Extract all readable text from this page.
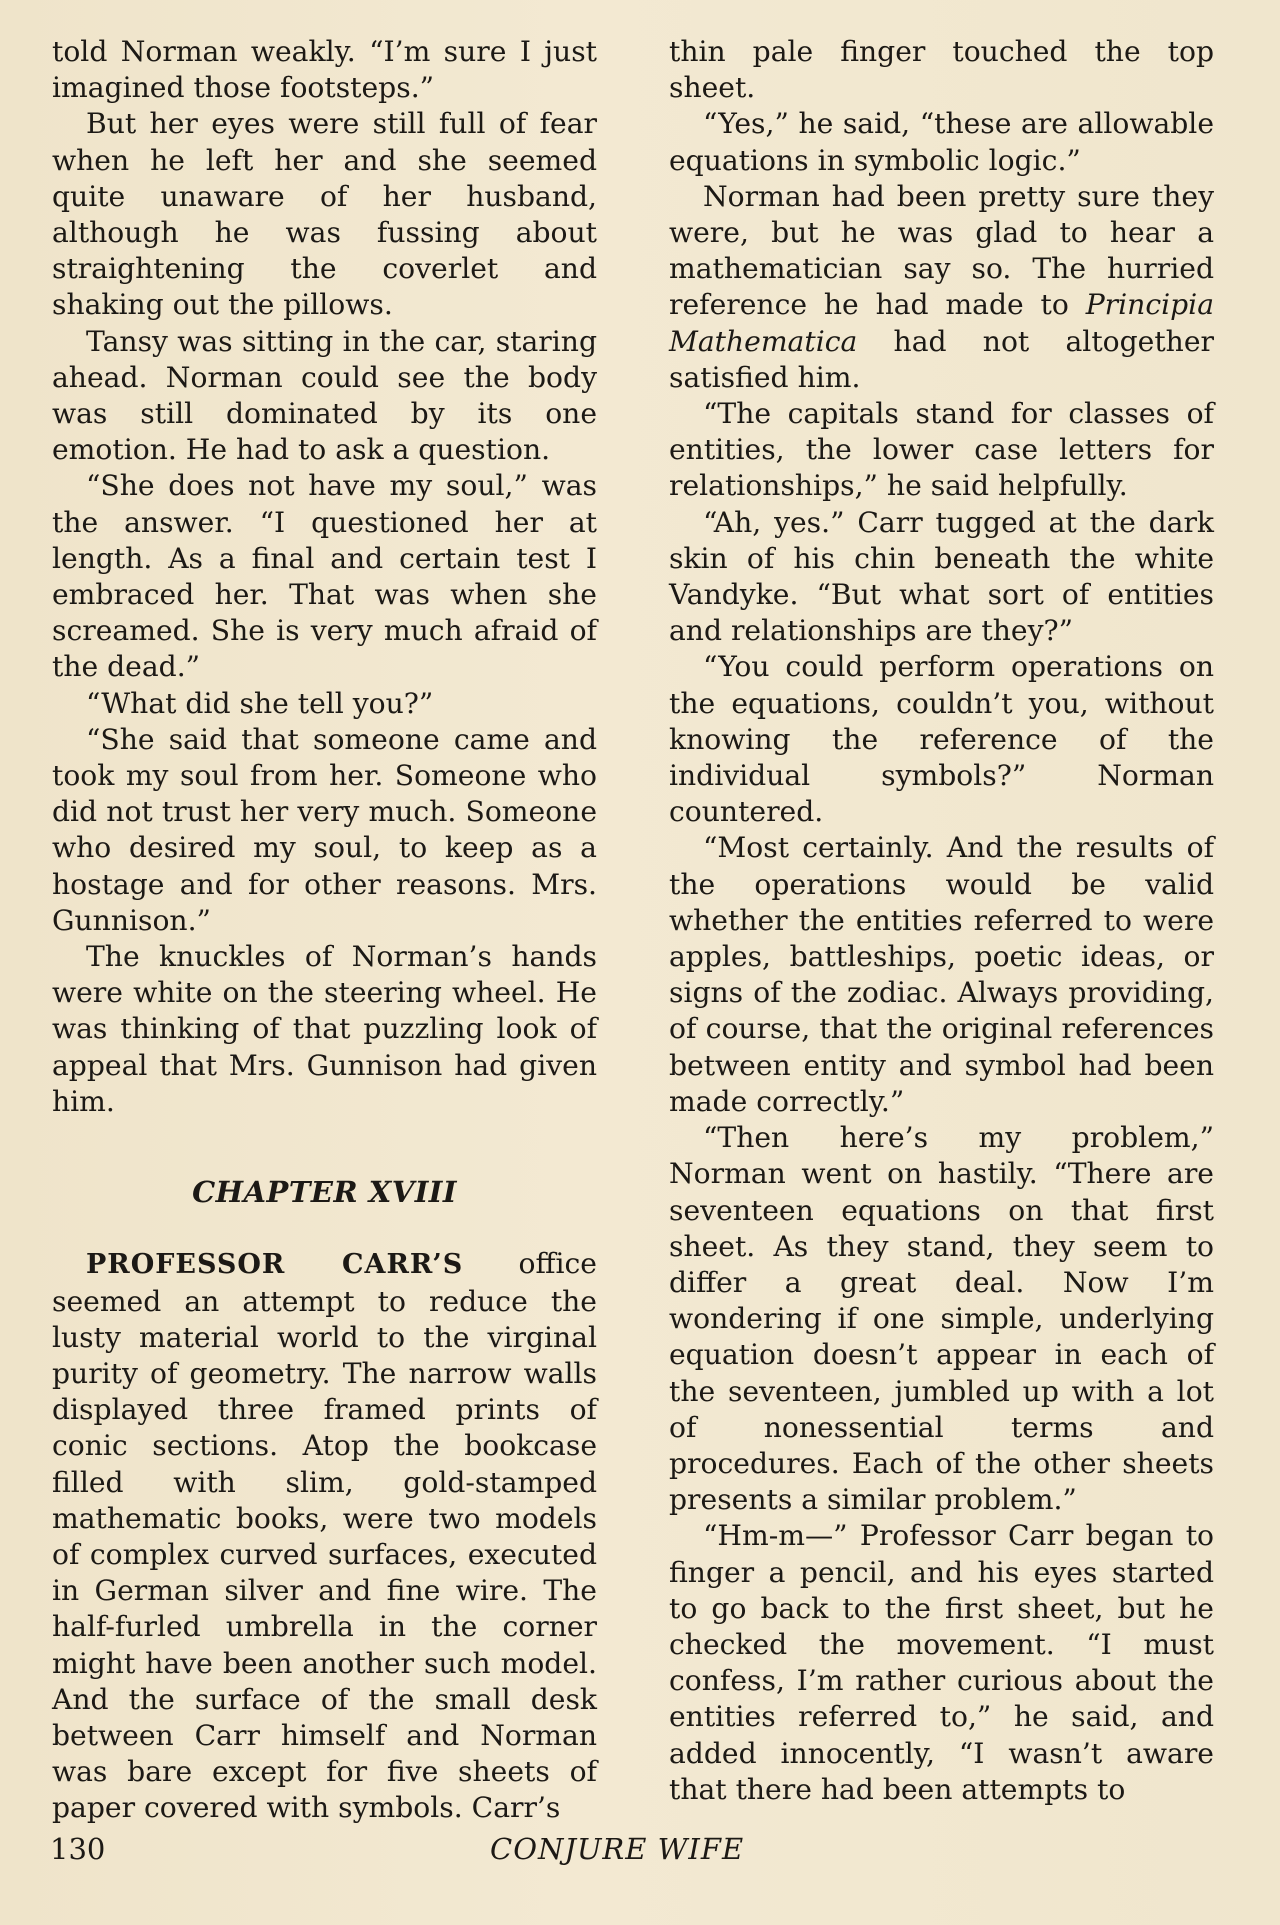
told Norman weakly. “I’m sure I just imagined those footsteps.”

But her eyes were still full of fear when he left her and she seemed quite unaware of her husband, although he was fussing about straightening the coverlet and shaking out the pillows.

Tansy was sitting in the car, staring ahead. Norman could see the body was still dominated by its one emotion. He had to ask a question.

“She does not have my soul,” was the answer. “I questioned her at length. As a final and certain test I embraced her. That was when she screamed. She is very much afraid of the dead.”

“What did she tell you?”

“She said that someone came and took my soul from her. Someone who did not trust her very much. Someone who desired my soul, to keep as a hostage and for other reasons. Mrs. Gunnison.”

The knuckles of Norman’s hands were white on the steering wheel. He was thinking of that puzzling look of appeal that Mrs. Gunnison had given him.

CHAPTER XVIII

PROFESSOR CARR’S office seemed an attempt to reduce the lusty material world to the virginal purity of geometry. The narrow walls displayed three framed prints of conic sections. Atop the bookcase filled with slim, gold-stamped mathematic books, were two models of complex curved surfaces, executed in German silver and fine wire. The half-furled umbrella in the corner might have been another such model. And the surface of the small desk between Carr himself and Norman was bare except for five sheets of paper covered with symbols. Carr’s

thin pale finger touched the top sheet.

“Yes,” he said, “these are allowable equations in symbolic logic.”

Norman had been pretty sure they were, but he was glad to hear a mathematician say so. The hurried reference he had made to Principia Mathematica had not altogether satisfied him.

“The capitals stand for classes of entities, the lower case letters for relationships,” he said helpfully.

“Ah, yes.” Carr tugged at the dark skin of his chin beneath the white Vandyke. “But what sort of entities and relationships are they?”

“You could perform operations on the equations, couldn’t you, without knowing the reference of the individual symbols?” Norman countered.

“Most certainly. And the results of the operations would be valid whether the entities referred to were apples, battleships, poetic ideas, or signs of the zodiac. Always providing, of course, that the original references between entity and symbol had been made correctly.”

“Then here’s my problem,” Norman went on hastily. “There are seventeen equations on that first sheet. As they stand, they seem to differ a great deal. Now I’m wondering if one simple, underlying equation doesn’t appear in each of the seventeen, jumbled up with a lot of nonessential terms and procedures. Each of the other sheets presents a similar problem.”

“Hm-m—” Professor Carr began to finger a pencil, and his eyes started to go back to the first sheet, but he checked the movement. “I must confess, I’m rather curious about the entities referred to,” he said, and added innocently, “I wasn’t aware that there had been attempts to

130	CONJURE WIFE
